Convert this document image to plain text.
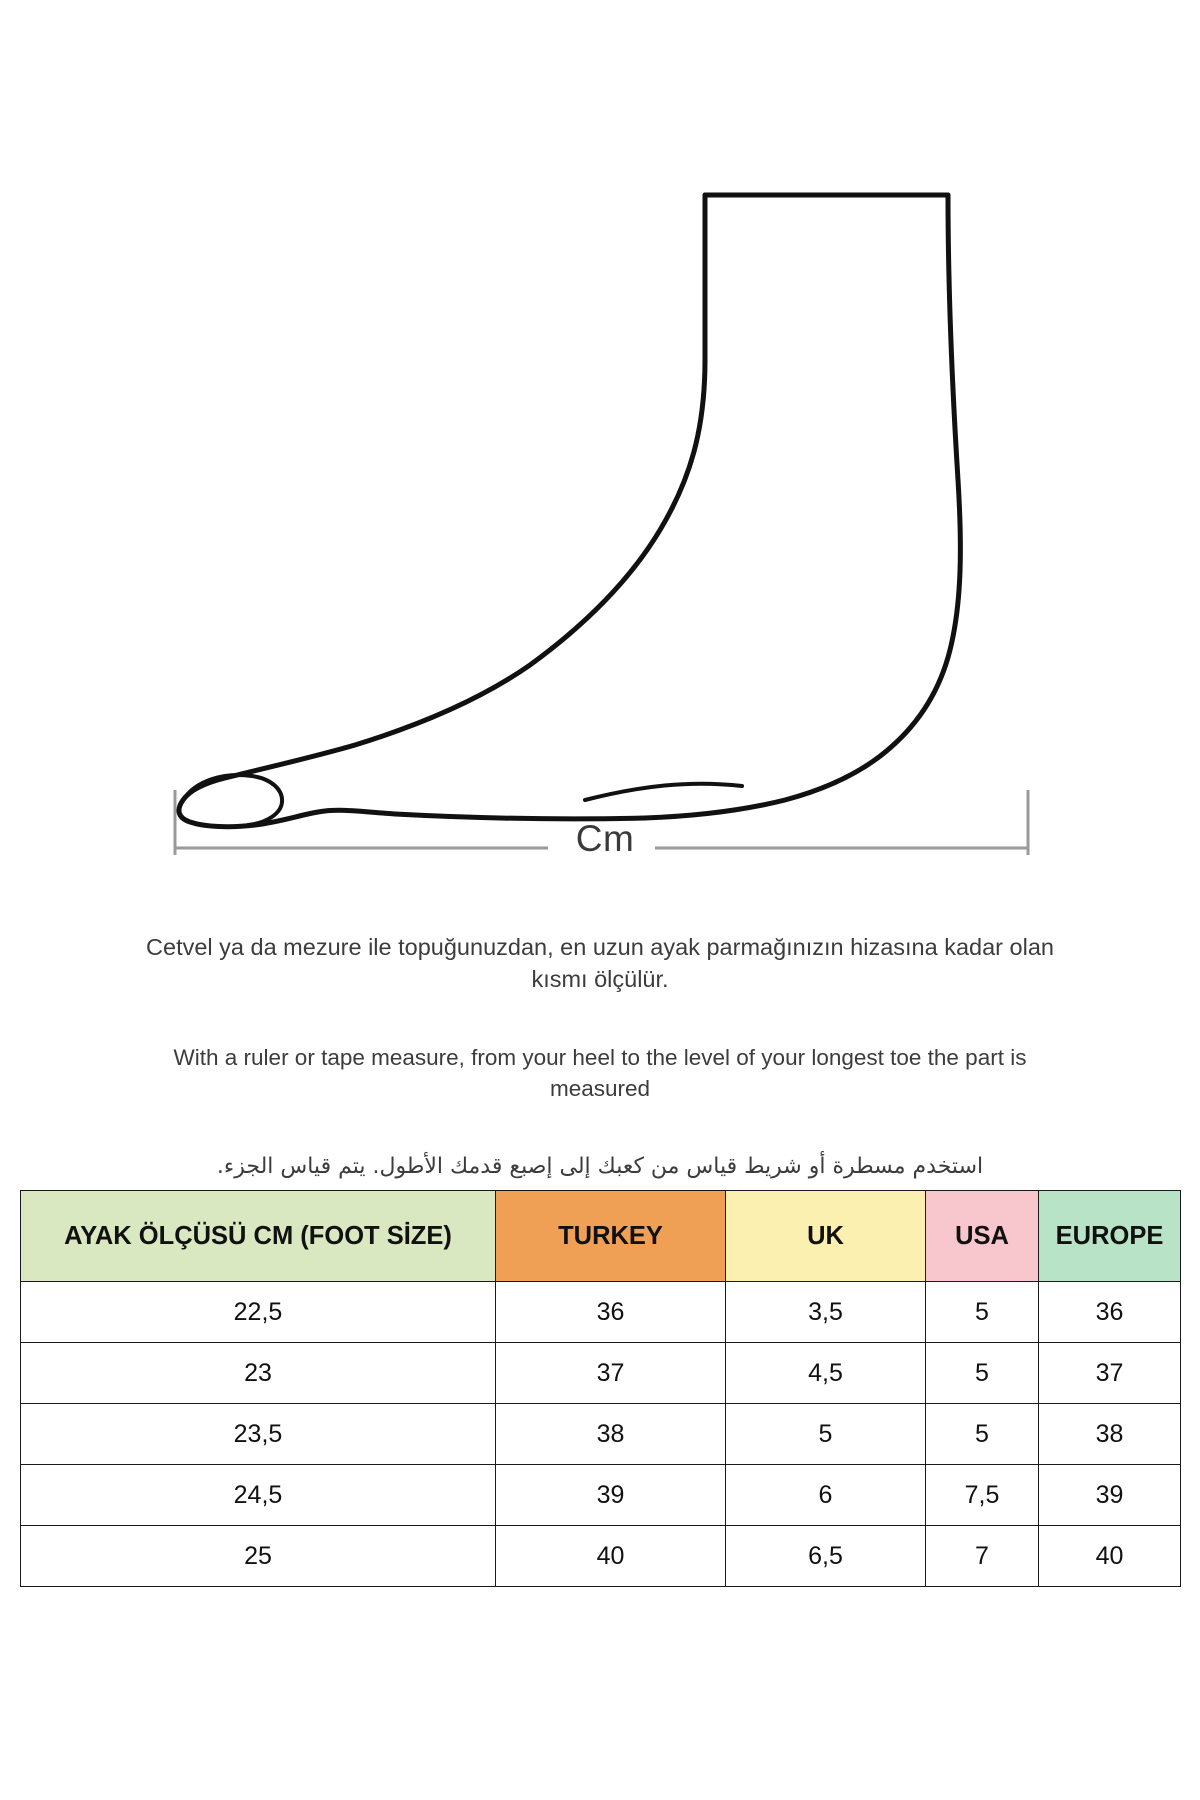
Cm
Cetvel ya da mezure ile topuğunuzdan, en uzun ayak parmağınızın hizasına kadar olan kısmı ölçülür.
With a ruler or tape measure, from your heel to the level of your longest toe the part is measured
استخدم مسطرة أو شريط قياس من كعبك إلى إصبع قدمك الأطول. يتم قياس الجزء.
AYAK ÖLÇÜSÜ CM (FOOT SİZE)	TURKEY	UK	USA	EUROPE
22,5	36	3,5	5	36
23	37	4,5	5	37
23,5	38	5	5	38
24,5	39	6	7,5	39
25	40	6,5	7	40
